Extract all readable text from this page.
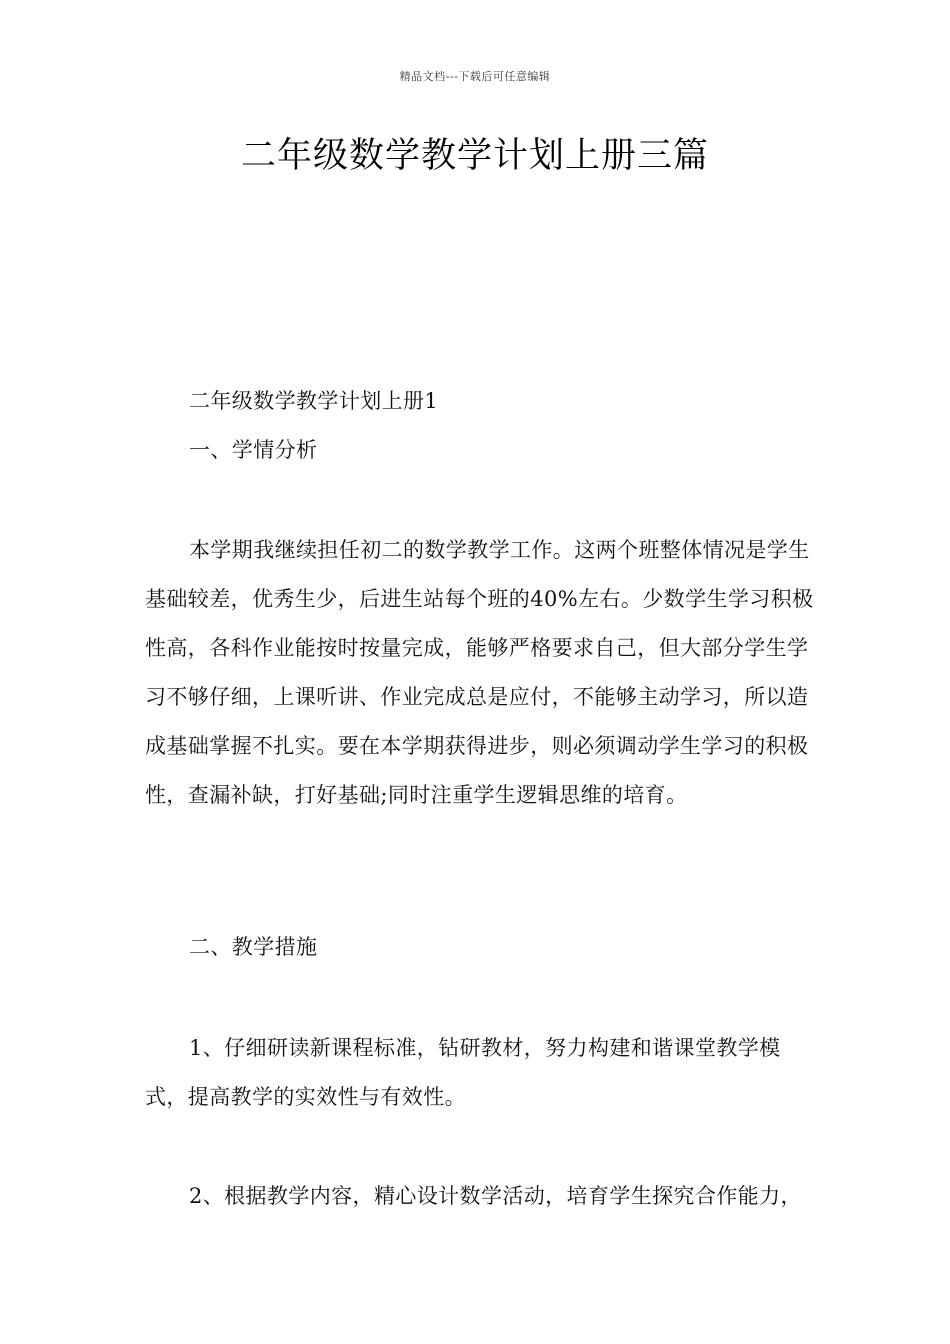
精品文档---下载后可任意编辑
二年级数学教学计划上册三篇

二年级数学教学计划上册1

一、学情分析

本学期我继续担任初二的数学教学工作。这两个班整体情况是学生基础较差，优秀生少，后进生站每个班的40%左右。少数学生学习积极性高，各科作业能按时按量完成，能够严格要求自己，但大部分学生学习不够仔细，上课听讲、作业完成总是应付，不能够主动学习，所以造成基础掌握不扎实。要在本学期获得进步，则必须调动学生学习的积极性，查漏补缺，打好基础;同时注重学生逻辑思维的培育。

二、教学措施

1、仔细研读新课程标准，钻研教材，努力构建和谐课堂教学模式，提高教学的实效性与有效性。

2、根据教学内容，精心设计数学活动，培育学生探究合作能力，
